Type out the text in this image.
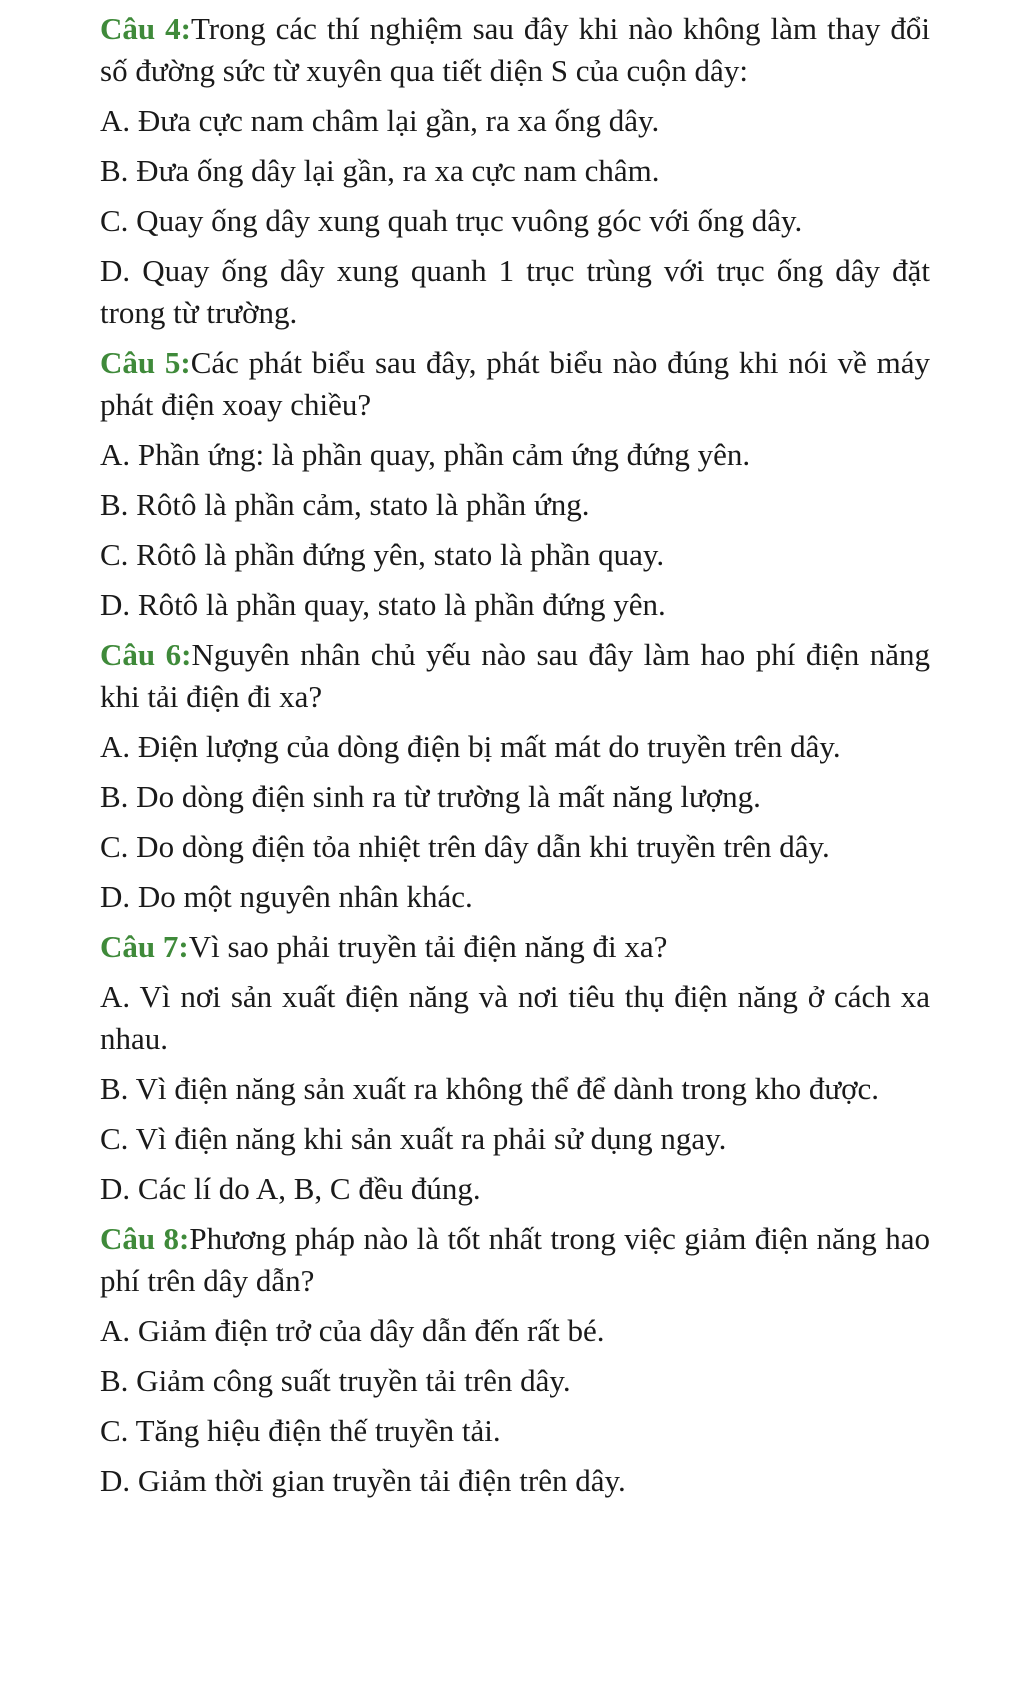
Câu 4:Trong các thí nghiệm sau đây khi nào không làm thay đổi số đường sức từ xuyên qua tiết diện S của cuộn dây:

A. Đưa cực nam châm lại gần, ra xa ống dây.

B. Đưa ống dây lại gần, ra xa cực nam châm.

C. Quay ống dây xung quah trục vuông góc với ống dây.

D. Quay ống dây xung quanh 1 trục trùng với trục ống dây đặt trong từ trường.

Câu 5:Các phát biểu sau đây, phát biểu nào đúng khi nói về máy phát điện xoay chiều?

A. Phần ứng: là phần quay, phần cảm ứng đứng yên.

B. Rôtô là phần cảm, stato là phần ứng.

C. Rôtô là phần đứng yên, stato là phần quay.

D. Rôtô là phần quay, stato là phần đứng yên.

Câu 6:Nguyên nhân chủ yếu nào sau đây làm hao phí điện năng khi tải điện đi xa?

A. Điện lượng của dòng điện bị mất mát do truyền trên dây.

B. Do dòng điện sinh ra từ trường là mất năng lượng.

C. Do dòng điện tỏa nhiệt trên dây dẫn khi truyền trên dây.

D. Do một nguyên nhân khác.

Câu 7:Vì sao phải truyền tải điện năng đi xa?

A. Vì nơi sản xuất điện năng và nơi tiêu thụ điện năng ở cách xa nhau.

B. Vì điện năng sản xuất ra không thể để dành trong kho được.

C. Vì điện năng khi sản xuất ra phải sử dụng ngay.

D. Các lí do A, B, C đều đúng.

Câu 8:Phương pháp nào là tốt nhất trong việc giảm điện năng hao phí trên dây dẫn?

A. Giảm điện trở của dây dẫn đến rất bé.

B. Giảm công suất truyền tải trên dây.

C. Tăng hiệu điện thế truyền tải.

D. Giảm thời gian truyền tải điện trên dây.
